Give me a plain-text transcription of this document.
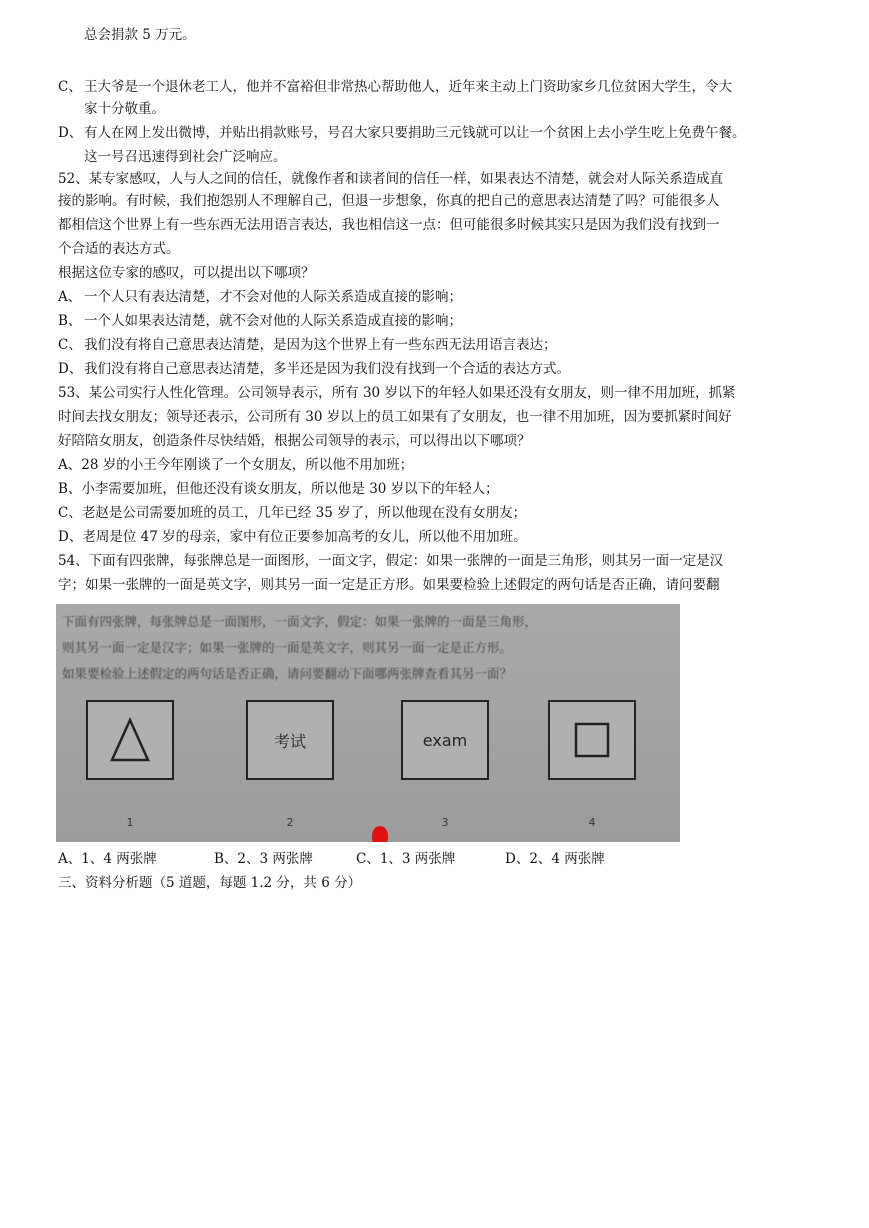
总会捐款 5 万元。
C、 王大爷是一个退休老工人，他并不富裕但非常热心帮助他人，近年来主动上门资助家乡几位贫困大学生，令大
家十分敬重。
D、 有人在网上发出微博，并贴出捐款账号，号召大家只要捐助三元钱就可以让一个贫困上去小学生吃上免费午餐。
这一号召迅速得到社会广泛响应。
52、某专家感叹，人与人之间的信任，就像作者和读者间的信任一样，如果表达不清楚，就会对人际关系造成直
接的影响。有时候，我们抱怨别人不理解自己，但退一步想象，你真的把自己的意思表达清楚了吗？可能很多人
都相信这个世界上有一些东西无法用语言表达，我也相信这一点：但可能很多时候其实只是因为我们没有找到一
个合适的表达方式。
根据这位专家的感叹，可以提出以下哪项？
A、 一个人只有表达清楚，才不会对他的人际关系造成直接的影响；
B、 一个人如果表达清楚，就不会对他的人际关系造成直接的影响；
C、 我们没有将自己意思表达清楚，是因为这个世界上有一些东西无法用语言表达；
D、 我们没有将自己意思表达清楚，多半还是因为我们没有找到一个合适的表达方式。
53、某公司实行人性化管理。公司领导表示，所有 30 岁以下的年轻人如果还没有女朋友，则一律不用加班，抓紧
时间去找女朋友；领导还表示，公司所有 30 岁以上的员工如果有了女朋友，也一律不用加班，因为要抓紧时间好
好陪陪女朋友，创造条件尽快结婚，根据公司领导的表示，可以得出以下哪项？
A、28 岁的小王今年刚谈了一个女朋友，所以他不用加班；
B、小李需要加班，但他还没有谈女朋友，所以他是 30 岁以下的年轻人；
C、老赵是公司需要加班的员工，几年已经 35 岁了，所以他现在没有女朋友；
D、老周是位 47 岁的母亲，家中有位正要参加高考的女儿，所以他不用加班。
54、下面有四张牌，每张牌总是一面图形，一面文字，假定：如果一张牌的一面是三角形，则其另一面一定是汉
字；如果一张牌的一面是英文字，则其另一面一定是正方形。如果要检验上述假定的两句话是否正确，请问要翻
下面有四张牌，每张牌总是一面图形，一面文字，假定：如果一张牌的一面是三角形，
则其另一面一定是汉字；如果一张牌的一面是英文字，则其另一面一定是正方形。
如果要检验上述假定的两句话是否正确，请问要翻动下面哪两张牌查看其另一面？
考试	exam
1	2	3	4
A、1、4 两张牌	B、2、3 两张牌	C、1、3 两张牌	D、2、4 两张牌
三、资料分析题（5 道题，每题 1.2 分，共 6 分）
